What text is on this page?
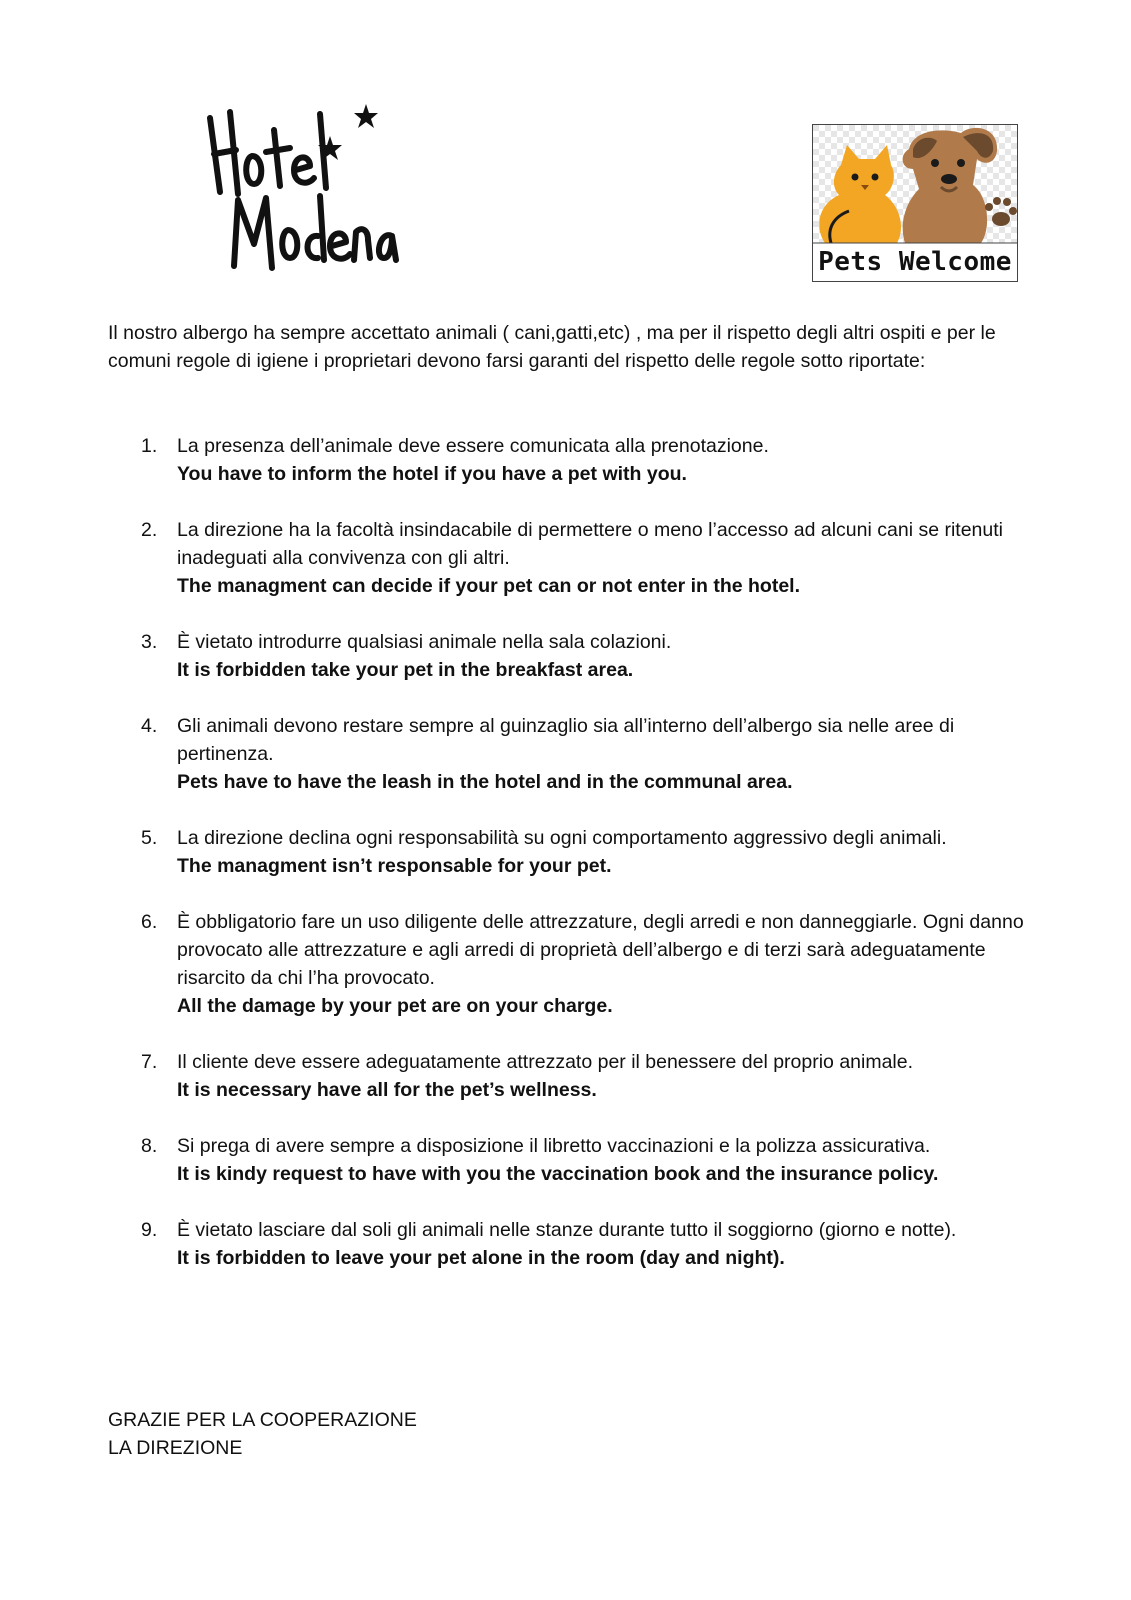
Pets Welcome

Il nostro albergo ha sempre accettato animali ( cani,gatti,etc) , ma per il rispetto degli altri ospiti e per le comuni regole di igiene i proprietari devono farsi garanti del rispetto delle regole sotto riportate:

1. La presenza dell’animale deve essere comunicata alla prenotazione.
You have to inform the hotel if you have a pet with you.
2. La direzione ha la facoltà insindacabile di permettere o meno l’accesso ad alcuni cani se ritenuti inadeguati alla convivenza con gli altri.
The managment can decide if your pet can or not enter in the hotel.
3. È vietato introdurre qualsiasi animale nella sala colazioni.
It is forbidden take your pet in the breakfast area.
4. Gli animali devono restare sempre al guinzaglio sia all’interno dell’albergo sia nelle aree di pertinenza.
Pets have to have the leash in the hotel and in the communal area.
5. La direzione declina ogni responsabilità su ogni comportamento aggressivo degli animali.
The managment isn’t responsable for your pet.
6. È obbligatorio fare un uso diligente delle attrezzature, degli arredi e non danneggiarle. Ogni danno provocato alle attrezzature e agli arredi di proprietà dell’albergo e di terzi sarà adeguatamente risarcito da chi l’ha provocato.
All the damage by your pet are on your charge.
7. Il cliente deve essere adeguatamente attrezzato per il benessere del proprio animale.
It is necessary have all for the pet’s wellness.
8. Si prega di avere sempre a disposizione il libretto vaccinazioni e la polizza assicurativa.
It is kindy request to have with you the vaccination book and the insurance policy.
9. È vietato lasciare dal soli gli animali nelle stanze durante tutto il soggiorno (giorno e notte).
It is forbidden to leave your pet alone in the room (day and night).
GRAZIE PER LA COOPERAZIONE
LA DIREZIONE
